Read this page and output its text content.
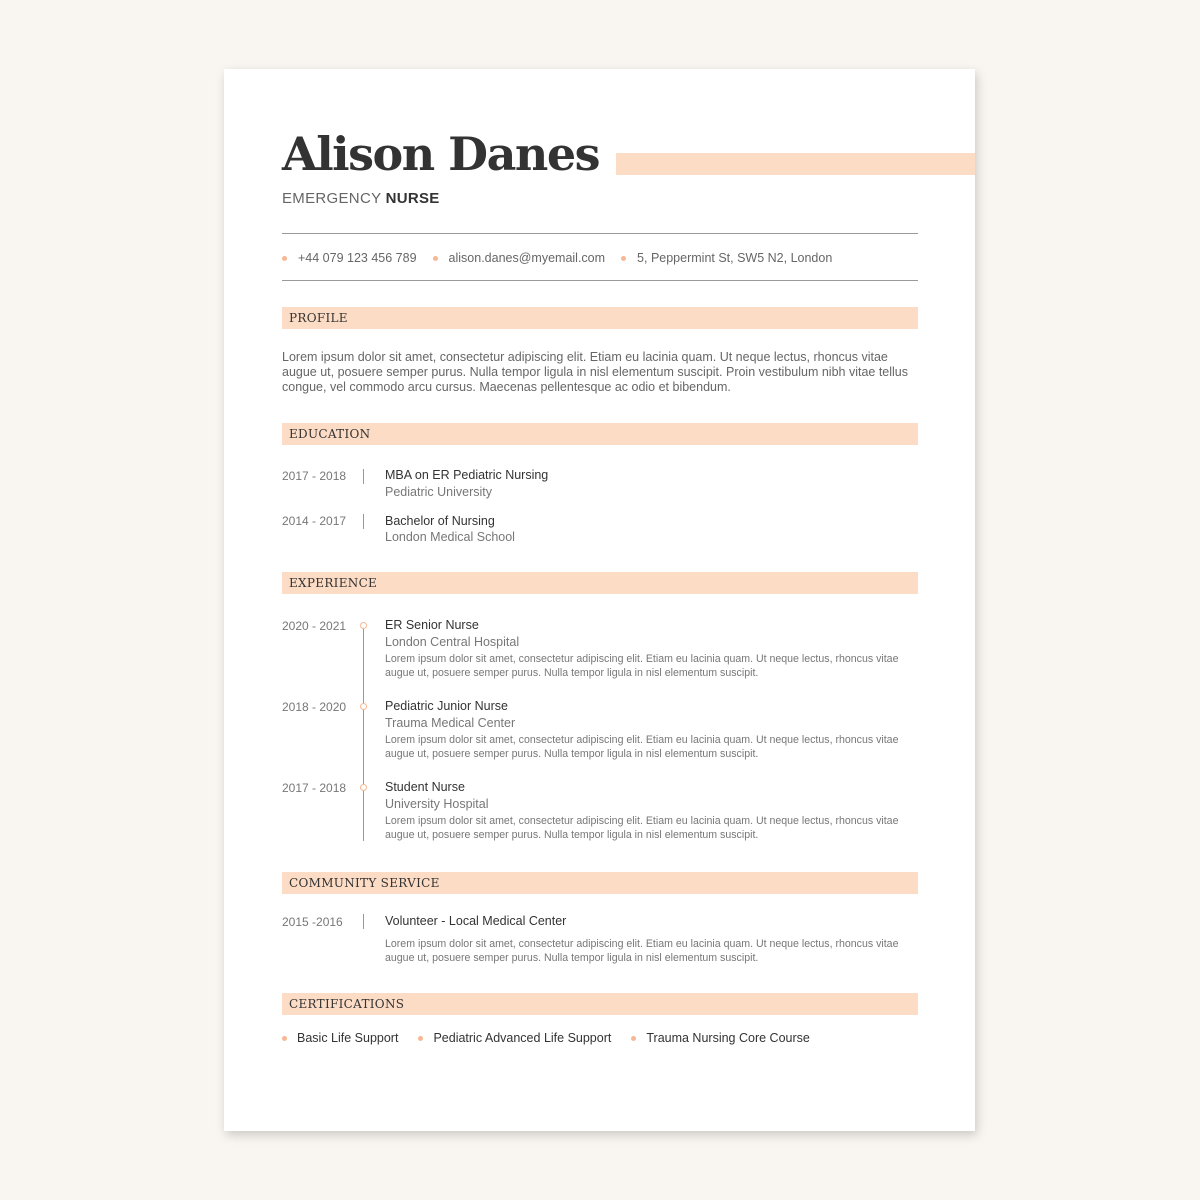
Alison Danes
EMERGENCY NURSE
+44 079 123 456 789	alison.danes@myemail.com	5, Peppermint St, SW5 N2, London
PROFILE
Lorem ipsum dolor sit amet, consectetur adipiscing elit. Etiam eu lacinia quam. Ut neque lectus, rhoncus vitae augue ut, posuere semper purus. Nulla tempor ligula in nisl elementum suscipit. Proin vestibulum nibh vitae tellus congue, vel commodo arcu cursus. Maecenas pellentesque ac odio et bibendum.
EDUCATION
2017 - 2018	MBA on ER Pediatric Nursing
Pediatric University
2014 - 2017	Bachelor of Nursing
London Medical School
EXPERIENCE
2020 - 2021	ER Senior Nurse
London Central Hospital
Lorem ipsum dolor sit amet, consectetur adipiscing elit. Etiam eu lacinia quam. Ut neque lectus, rhoncus vitae augue ut, posuere semper purus. Nulla tempor ligula in nisl elementum suscipit.
2018 - 2020	Pediatric Junior Nurse
Trauma Medical Center
Lorem ipsum dolor sit amet, consectetur adipiscing elit. Etiam eu lacinia quam. Ut neque lectus, rhoncus vitae augue ut, posuere semper purus. Nulla tempor ligula in nisl elementum suscipit.
2017 - 2018	Student Nurse
University Hospital
Lorem ipsum dolor sit amet, consectetur adipiscing elit. Etiam eu lacinia quam. Ut neque lectus, rhoncus vitae augue ut, posuere semper purus. Nulla tempor ligula in nisl elementum suscipit.
COMMUNITY SERVICE
2015 -2016	Volunteer - Local Medical Center
Lorem ipsum dolor sit amet, consectetur adipiscing elit. Etiam eu lacinia quam. Ut neque lectus, rhoncus vitae augue ut, posuere semper purus. Nulla tempor ligula in nisl elementum suscipit.
CERTIFICATIONS
Basic Life Support	Pediatric Advanced Life Support	Trauma Nursing Core Course
